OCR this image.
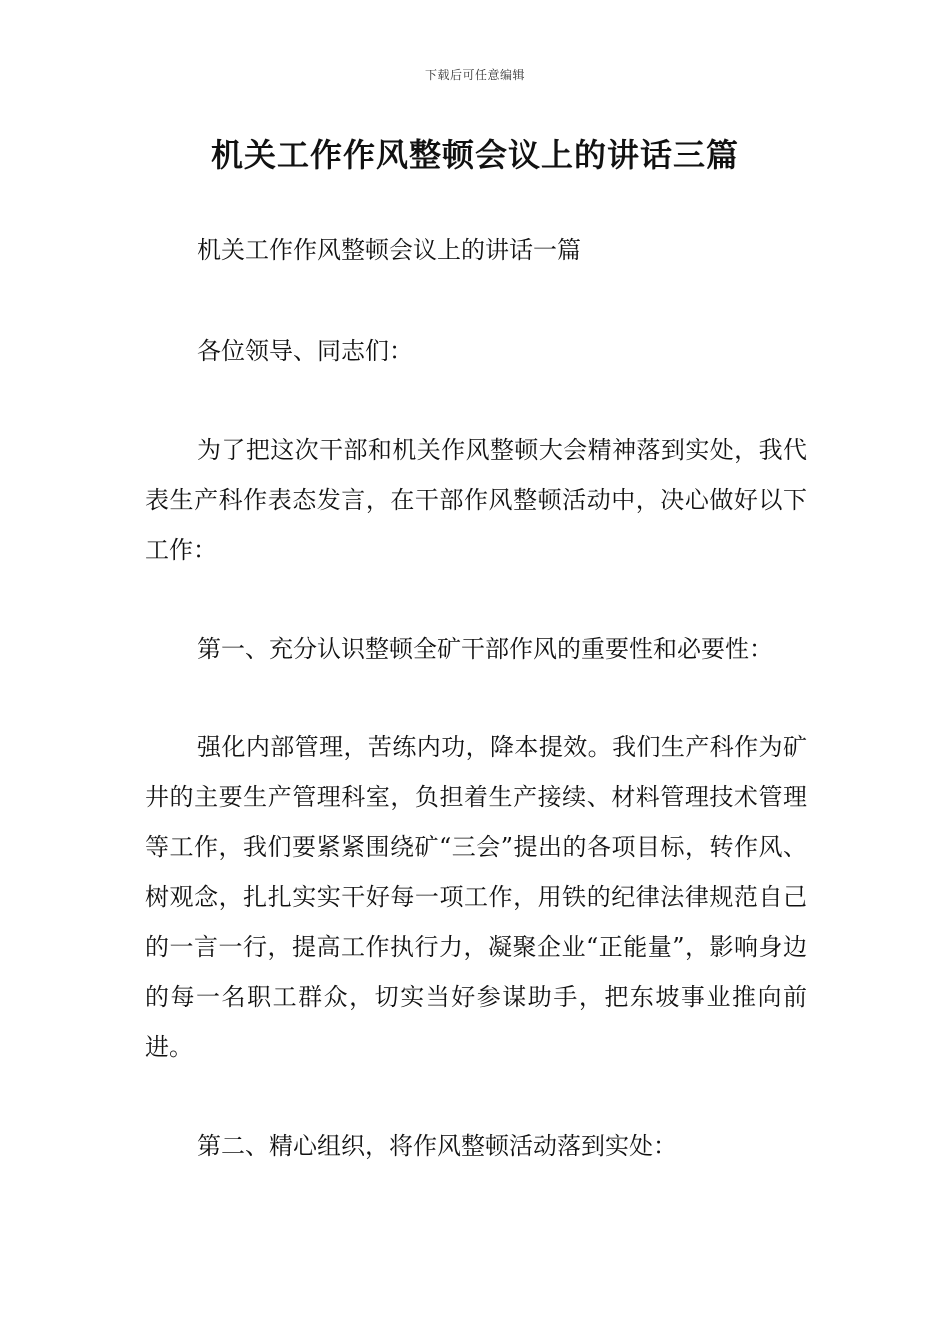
下载后可任意编辑
机关工作作风整顿会议上的讲话三篇

机关工作作风整顿会议上的讲话一篇

各位领导、同志们：

为了把这次干部和机关作风整顿大会精神落到实处，我代表生产科作表态发言，在干部作风整顿活动中，决心做好以下工作：

第一、充分认识整顿全矿干部作风的重要性和必要性：

强化内部管理，苦练内功，降本提效。我们生产科作为矿井的主要生产管理科室，负担着生产接续、材料管理技术管理等工作，我们要紧紧围绕矿“三会”提出的各项目标，转作风、树观念，扎扎实实干好每一项工作，用铁的纪律法律规范自己的一言一行，提高工作执行力，凝聚企业“正能量”，影响身边的每一名职工群众，切实当好参谋助手，把东坡事业推向前进。

第二、精心组织，将作风整顿活动落到实处：
